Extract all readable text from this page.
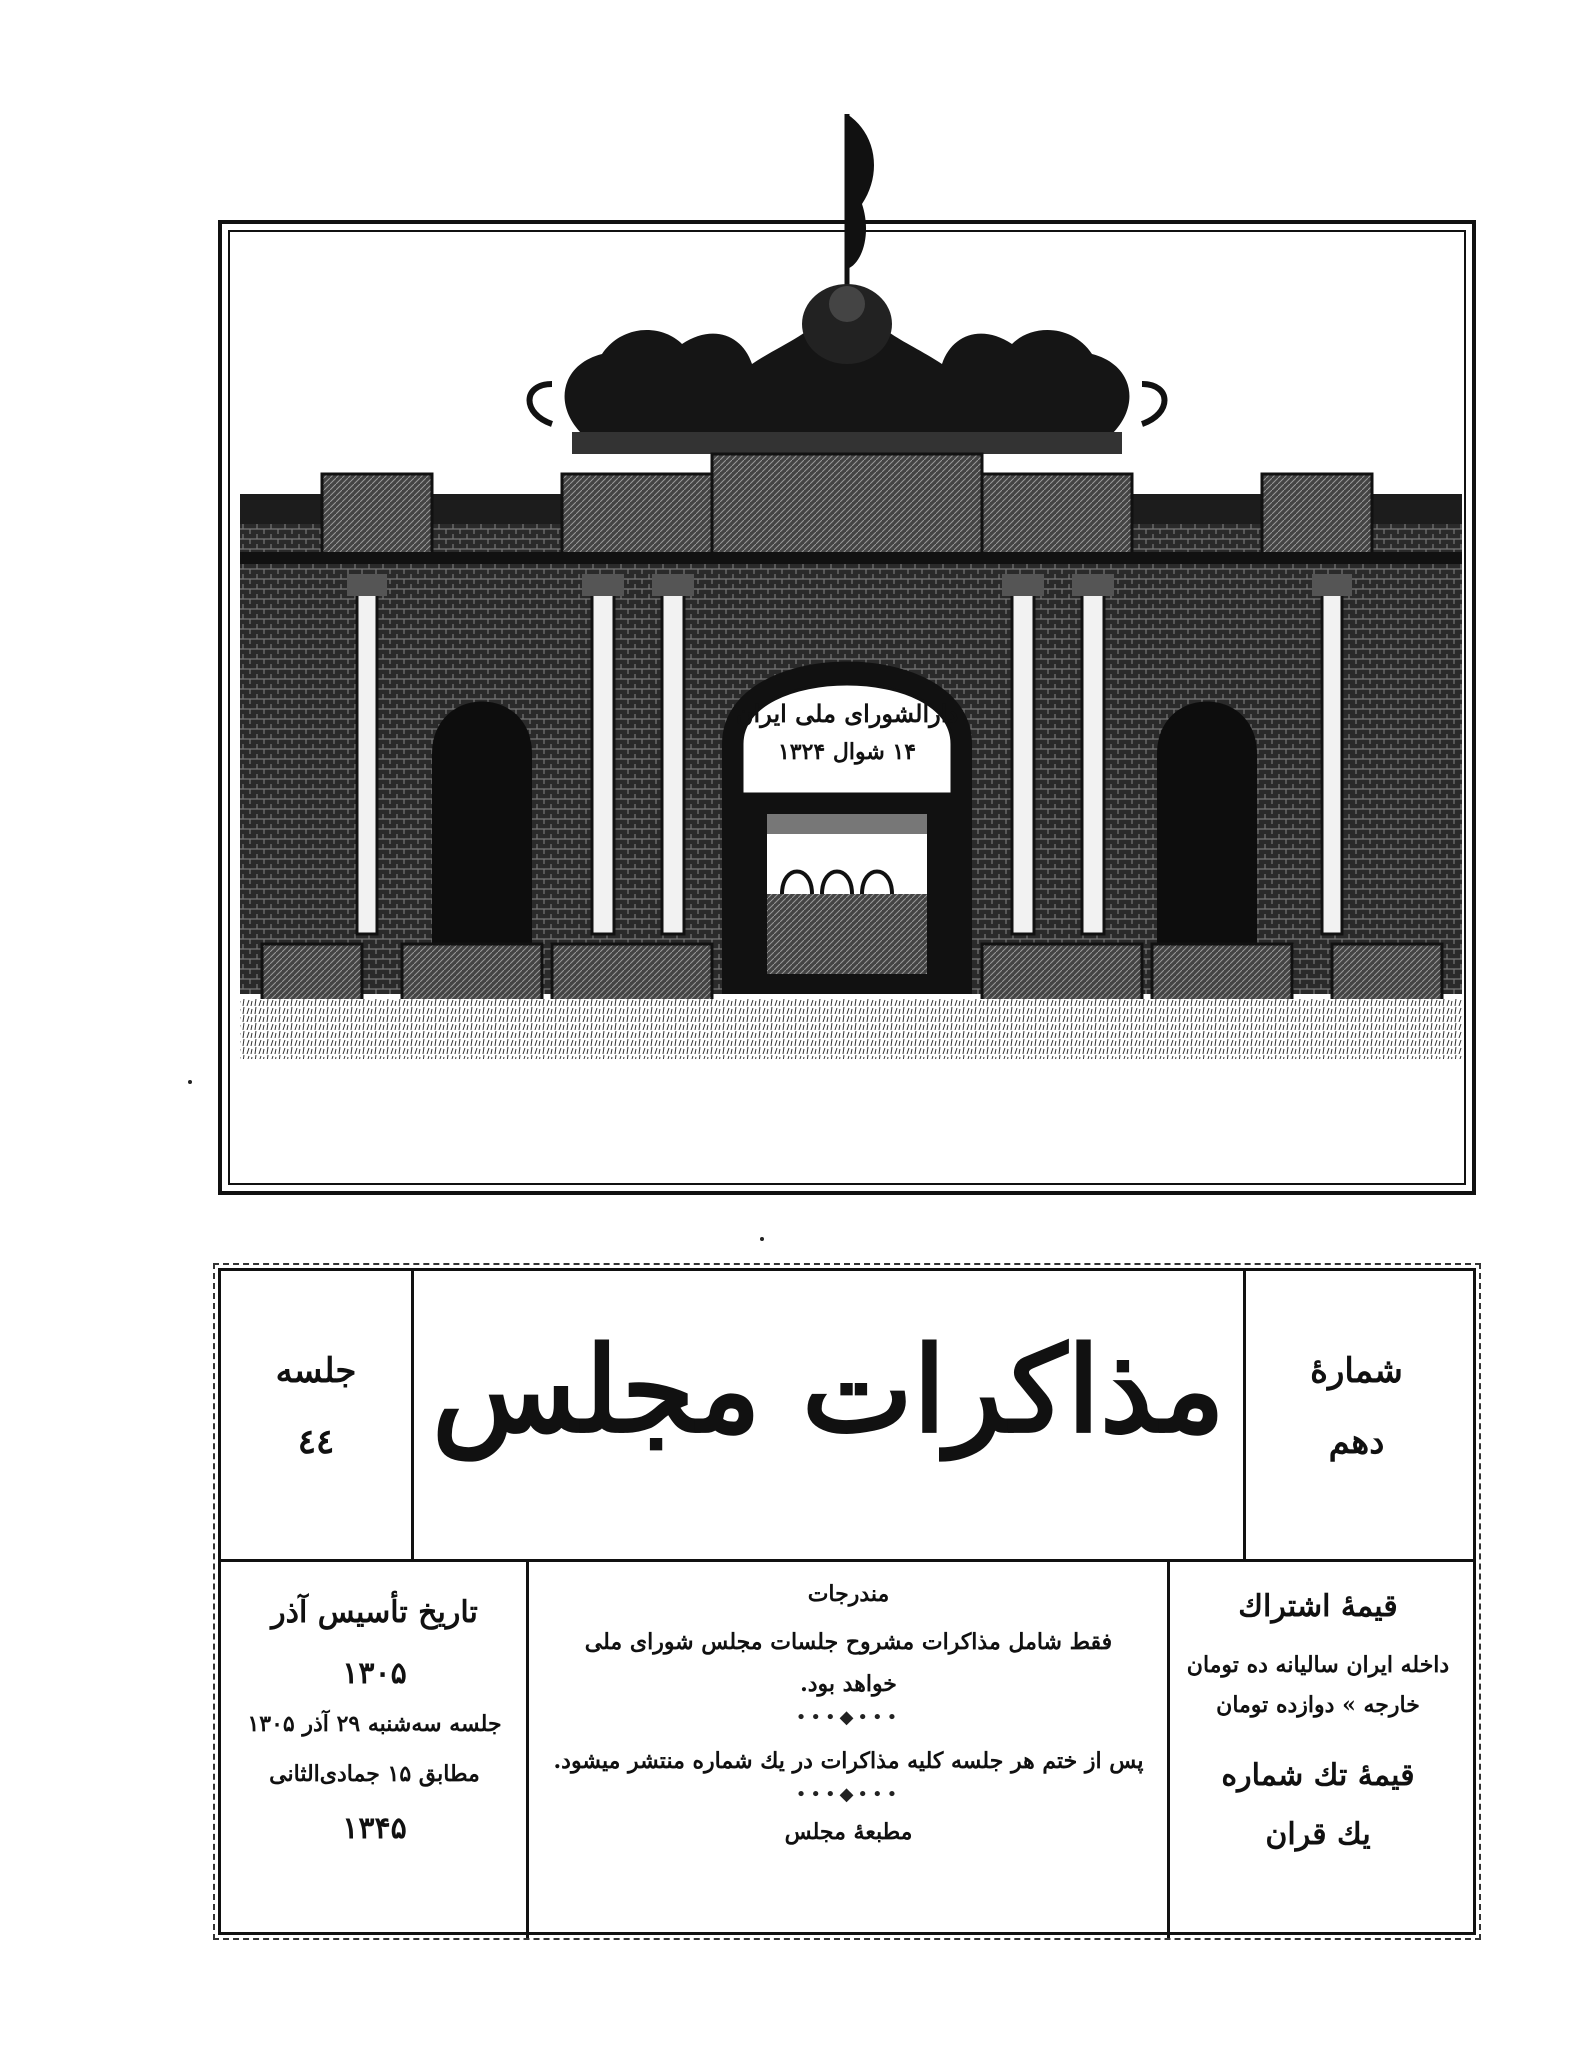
دارالشورای ملی ایران
۱۴ شوال ۱۳۲۴
شمارهٔ
دهم
مذاکرات مجلس
جلسه
٤٤
قیمهٔ اشتراك
داخله ایران سالیانه ده تومان
خارجه » دوازده تومان
قیمهٔ تك شماره
یك قران
مندرجات
فقط شامل مذاکرات مشروح جلسات مجلس شورای ملی
خواهد بود.
•••◆•••
پس از ختم هر جلسه کلیه مذاکرات در یك شماره منتشر میشود.
•••◆•••
مطبعهٔ مجلس
تاریخ تأسیس آذر
۱۳۰۵
جلسه سه‌شنبه ۲۹ آذر ۱۳۰۵
مطابق ۱۵ جمادی‌الثانی
۱۳۴۵
